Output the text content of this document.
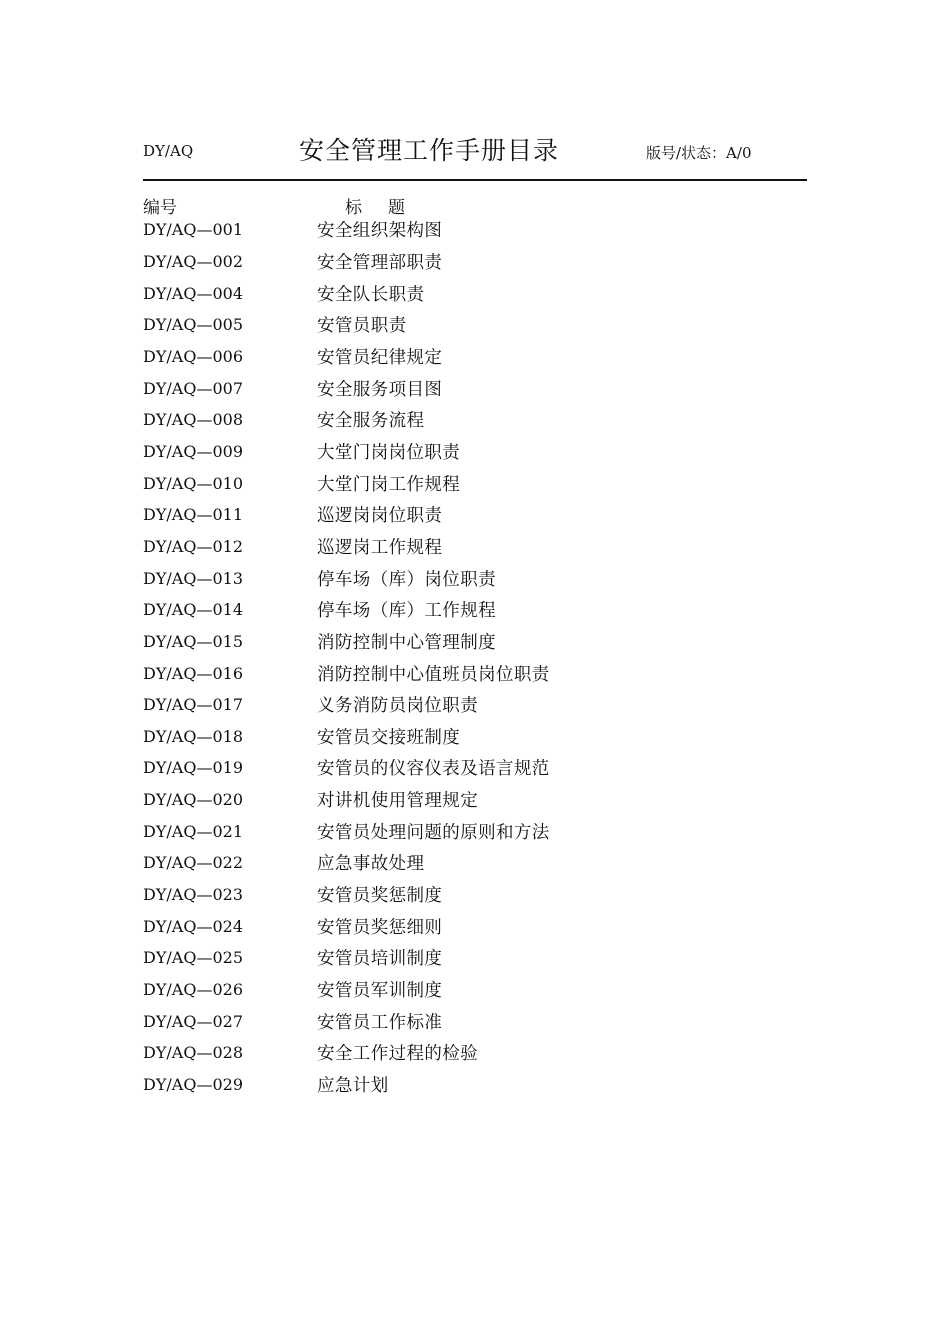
DY/AQ	安全管理工作手册目录	版号/状态：A/0
编号	标题
DY/AQ—001	安全组织架构图
DY/AQ—002	安全管理部职责
DY/AQ—004	安全队长职责
DY/AQ—005	安管员职责
DY/AQ—006	安管员纪律规定
DY/AQ—007	安全服务项目图
DY/AQ—008	安全服务流程
DY/AQ—009	大堂门岗岗位职责
DY/AQ—010	大堂门岗工作规程
DY/AQ—011	巡逻岗岗位职责
DY/AQ—012	巡逻岗工作规程
DY/AQ—013	停车场（库）岗位职责
DY/AQ—014	停车场（库）工作规程
DY/AQ—015	消防控制中心管理制度
DY/AQ—016	消防控制中心值班员岗位职责
DY/AQ—017	义务消防员岗位职责
DY/AQ—018	安管员交接班制度
DY/AQ—019	安管员的仪容仪表及语言规范
DY/AQ—020	对讲机使用管理规定
DY/AQ—021	安管员处理问题的原则和方法
DY/AQ—022	应急事故处理
DY/AQ—023	安管员奖惩制度
DY/AQ—024	安管员奖惩细则
DY/AQ—025	安管员培训制度
DY/AQ—026	安管员军训制度
DY/AQ—027	安管员工作标准
DY/AQ—028	安全工作过程的检验
DY/AQ—029	应急计划
